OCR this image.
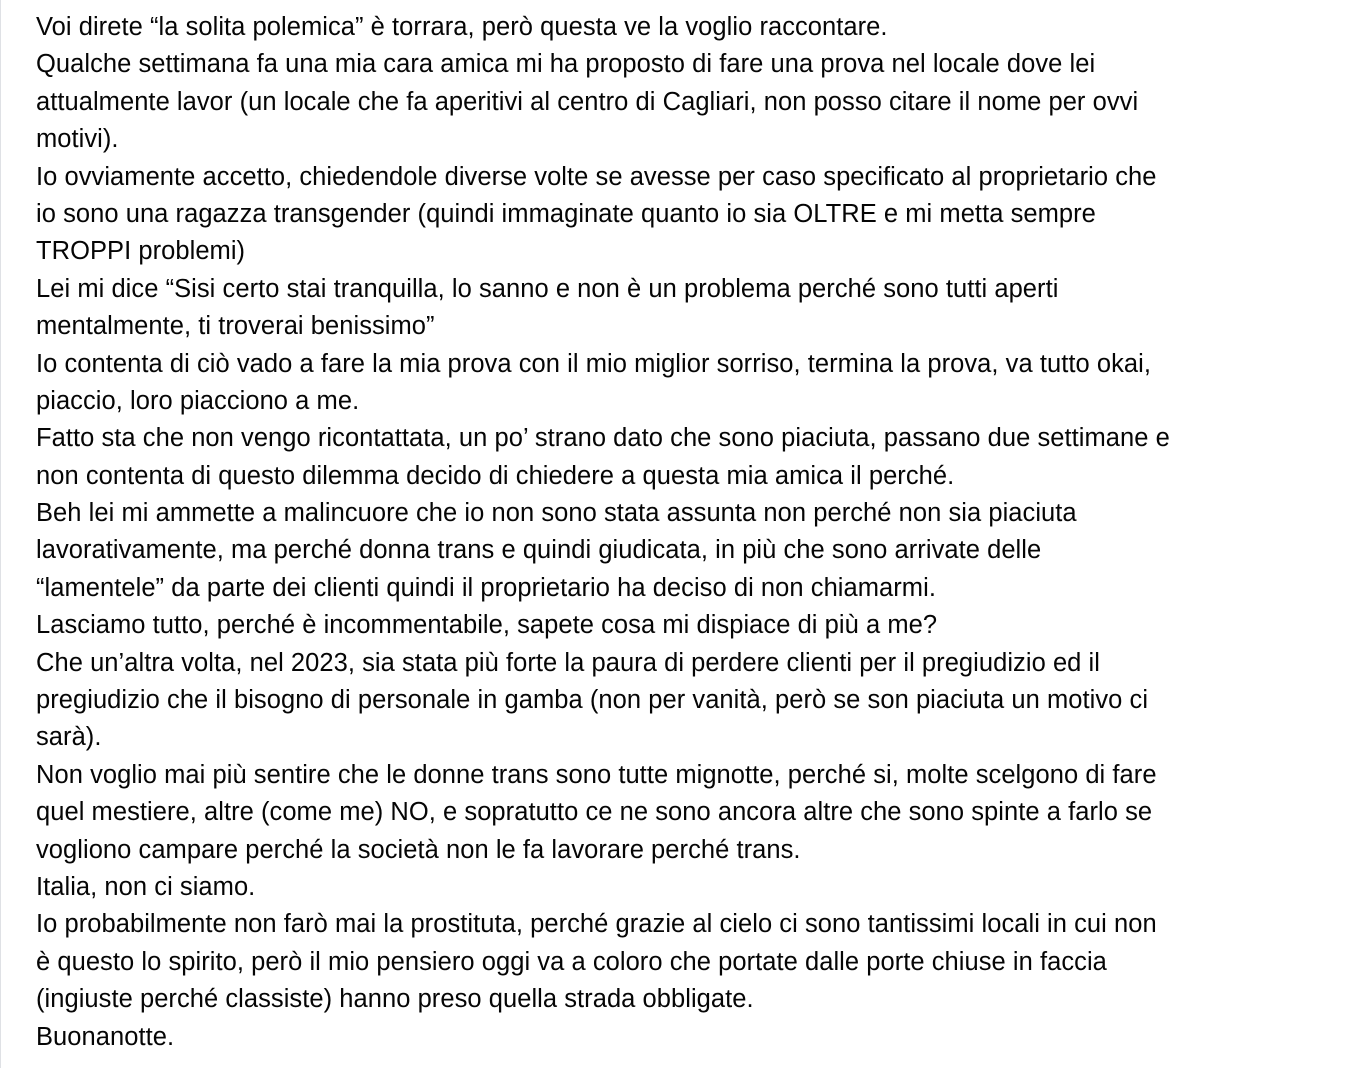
Voi direte “la solita polemica” è torrara, però questa ve la voglio raccontare.
Qualche settimana fa una mia cara amica mi ha proposto di fare una prova nel locale dove lei
attualmente lavor (un locale che fa aperitivi al centro di Cagliari, non posso citare il nome per ovvi
motivi).
Io ovviamente accetto, chiedendole diverse volte se avesse per caso specificato al proprietario che
io sono una ragazza transgender (quindi immaginate quanto io sia OLTRE e mi metta sempre
TROPPI problemi)
Lei mi dice “Sisi certo stai tranquilla, lo sanno e non è un problema perché sono tutti aperti
mentalmente, ti troverai benissimo”
Io contenta di ciò vado a fare la mia prova con il mio miglior sorriso, termina la prova, va tutto okai,
piaccio, loro piacciono a me.
Fatto sta che non vengo ricontattata, un po’ strano dato che sono piaciuta, passano due settimane e
non contenta di questo dilemma decido di chiedere a questa mia amica il perché.
Beh lei mi ammette a malincuore che io non sono stata assunta non perché non sia piaciuta
lavorativamente, ma perché donna trans e quindi giudicata, in più che sono arrivate delle
“lamentele” da parte dei clienti quindi il proprietario ha deciso di non chiamarmi.
Lasciamo tutto, perché è incommentabile, sapete cosa mi dispiace di più a me?
Che un’altra volta, nel 2023, sia stata più forte la paura di perdere clienti per il pregiudizio ed il
pregiudizio che il bisogno di personale in gamba (non per vanità, però se son piaciuta un motivo ci
sarà).
Non voglio mai più sentire che le donne trans sono tutte mignotte, perché si, molte scelgono di fare
quel mestiere, altre (come me) NO, e sopratutto ce ne sono ancora altre che sono spinte a farlo se
vogliono campare perché la società non le fa lavorare perché trans.
Italia, non ci siamo.
Io probabilmente non farò mai la prostituta, perché grazie al cielo ci sono tantissimi locali in cui non
è questo lo spirito, però il mio pensiero oggi va a coloro che portate dalle porte chiuse in faccia
(ingiuste perché classiste) hanno preso quella strada obbligate.
Buonanotte.
